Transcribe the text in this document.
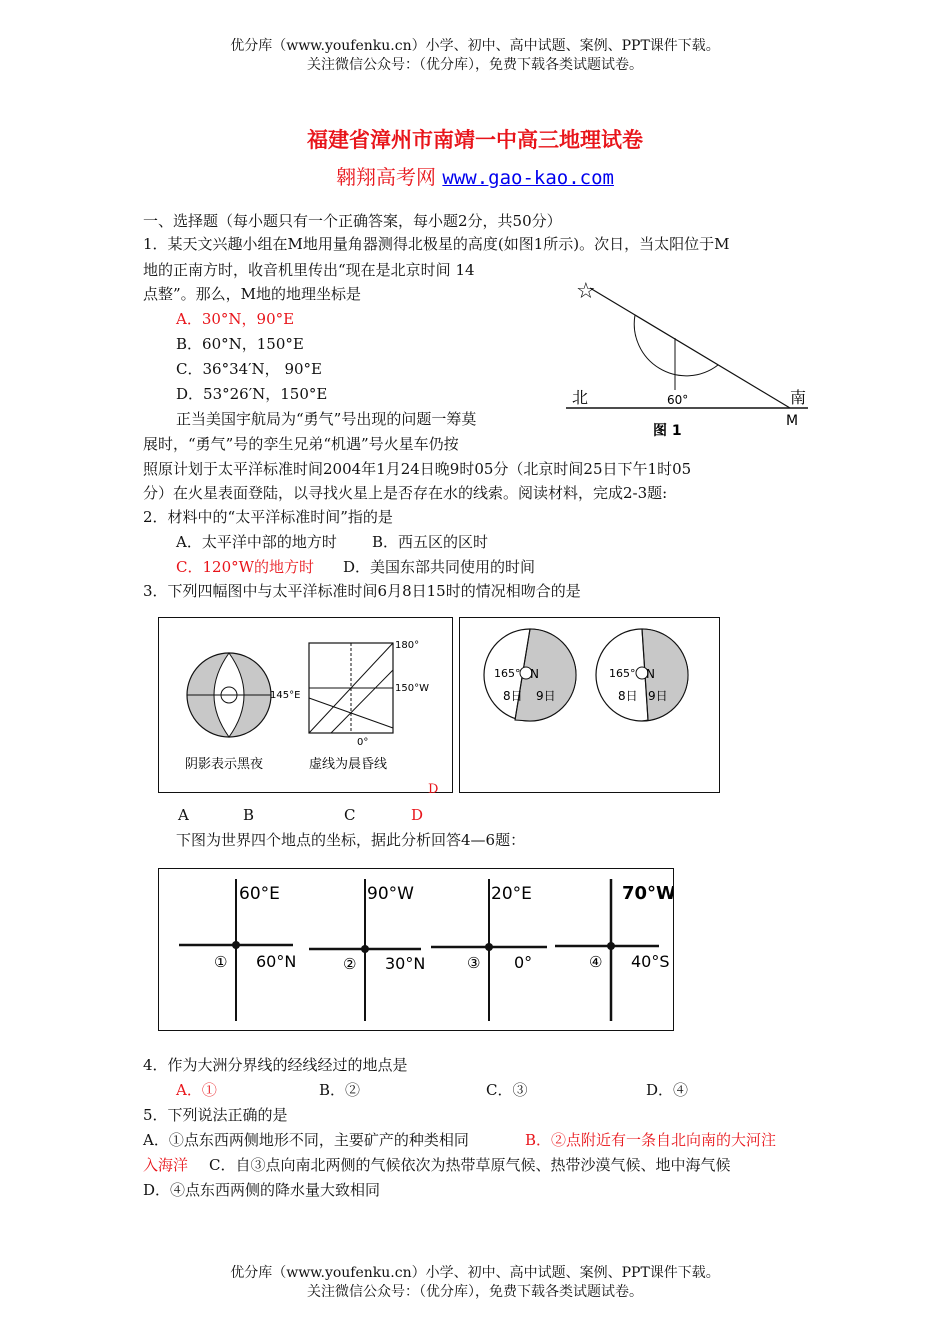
优分库（www.youfenku.cn）小学、初中、高中试题、案例、PPT课件下载。
关注微信公众号：（优分库），免费下载各类试题试卷。
福建省漳州市南靖一中高三地理试卷
翱翔高考网 www.gao-kao.com
一、选择题（每小题只有一个正确答案，每小题2分，共50分）
1．某天文兴趣小组在M地用量角器测得北极星的高度(如图1所示)。次日，当太阳位于M
地的正南方时，收音机里传出“现在是北京时间 14
点整”。那么，M地的地理坐标是
A．30°N，90°E
B．60°N，150°E
C．36°34′N， 90°E
D．53°26′N，150°E
☆
北	南
60°
M
图 1
正当美国宇航局为“勇气”号出现的问题一筹莫
展时，“勇气”号的孪生兄弟“机遇”号火星车仍按
照原计划于太平洋标准时间2004年1月24日晚9时05分（北京时间25日下午1时05
分）在火星表面登陆，以寻找火星上是否存在水的线索。阅读材料，完成2-3题:
2．材料中的“太平洋标准时间”指的是
A．太平洋中部的地方时 B．西五区的区时
C．120°W的地方时 D．美国东部共同使用的时间
3．下列四幅图中与太平洋标准时间6月8日15时的情况相吻合的是
145°E
阴影表示黑夜
180°
150°W
0°
虚线为晨昏线
165° N
8日 9日
165° N
8日 9日
D
A	B	C	D
下图为世界四个地点的坐标，据此分析回答4—6题：
60°E
① 60°N
90°W
② 30°N
20°E
③ 0°
70°W
④ 40°S
4．作为大洲分界线的经线经过的地点是
A．①	B．②	C．③	D．④
5．下列说法正确的是
A．①点东西两侧地形不同，主要矿产的种类相同	B．②点附近有一条自北向南的大河注
入海洋 C．自③点向南北两侧的气候依次为热带草原气候、热带沙漠气候、地中海气候
D．④点东西两侧的降水量大致相同
优分库（www.youfenku.cn）小学、初中、高中试题、案例、PPT课件下载。
关注微信公众号：（优分库），免费下载各类试题试卷。
